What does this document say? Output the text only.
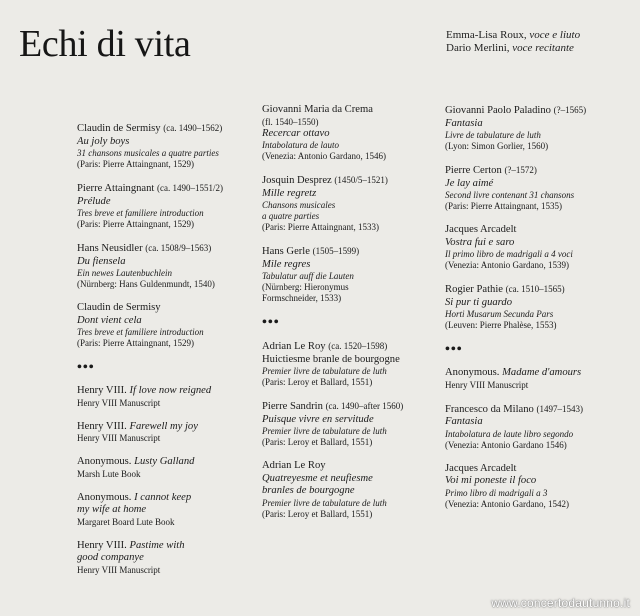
Echi di vita	Emma-Lisa Roux, voce e liuto
Dario Merlini, voce recitante
Claudin de Sermisy (ca. 1490–1562)
Au joly boys
31 chansons musicales a quatre parties
(Paris: Pierre Attaingnant, 1529)
Pierre Attaingnant (ca. 1490–1551/2)
Prélude
Tres breve et familiere introduction
(Paris: Pierre Attaingnant, 1529)
Hans Neusidler (ca. 1508/9–1563)
Du fiensela
Ein newes Lautenbuchlein
(Nürnberg: Hans Guldenmundt, 1540)
Claudin de Sermisy
Dont vient cela
Tres breve et familiere introduction
(Paris: Pierre Attaingnant, 1529)
•••
Henry VIII. If love now reigned
Henry VIII Manuscript
Henry VIII. Farewell my joy
Henry VIII Manuscript
Anonymous. Lusty Galland
Marsh Lute Book
Anonymous. I cannot keep
my wife at home
Margaret Board Lute Book
Henry VIII. Pastime with
good companye
Henry VIII Manuscript
Giovanni Maria da Crema
(fl. 1540–1550)
Recercar ottavo
Intabolatura de lauto
(Venezia: Antonio Gardano, 1546)
Josquin Desprez (1450/5–1521)
Mille regretz
Chansons musicales
a quatre parties
(Paris: Pierre Attaingnant, 1533)
Hans Gerle (1505–1599)
Mile regres
Tabulatur auff die Lauten
(Nürnberg: Hieronymus
Formschneider, 1533)
•••
Adrian Le Roy (ca. 1520–1598)
Huictiesme branle de bourgogne
Premier livre de tabulature de luth
(Paris: Leroy et Ballard, 1551)
Pierre Sandrin (ca. 1490–after 1560)
Puisque vivre en servitude
Premier livre de tabulature de luth
(Paris: Leroy et Ballard, 1551)
Adrian Le Roy
Quatreyesme et neufiesme
branles de bourgogne
Premier livre de tabulature de luth
(Paris: Leroy et Ballard, 1551)
Giovanni Paolo Paladino (?–1565)
Fantasia
Livre de tabulature de luth
(Lyon: Simon Gorlier, 1560)
Pierre Certon (?–1572)
Je lay aimé
Second livre contenant 31 chansons
(Paris: Pierre Attaingnant, 1535)
Jacques Arcadelt
Vostra fui e saro
Il primo libro de madrigali a 4 voci
(Venezia: Antonio Gardano, 1539)
Rogier Pathie (ca. 1510–1565)
Si pur ti guardo
Horti Musarum Secunda Pars
(Leuven: Pierre Phalèse, 1553)
•••
Anonymous. Madame d'amours
Henry VIII Manuscript
Francesco da Milano (1497–1543)
Fantasia
Intabolatura de laute libro segondo
(Venezia: Antonio Gardano 1546)
Jacques Arcadelt
Voi mi poneste il foco
Primo libro di madrigali a 3
(Venezia: Antonio Gardano, 1542)
www.concertodautunno.it
